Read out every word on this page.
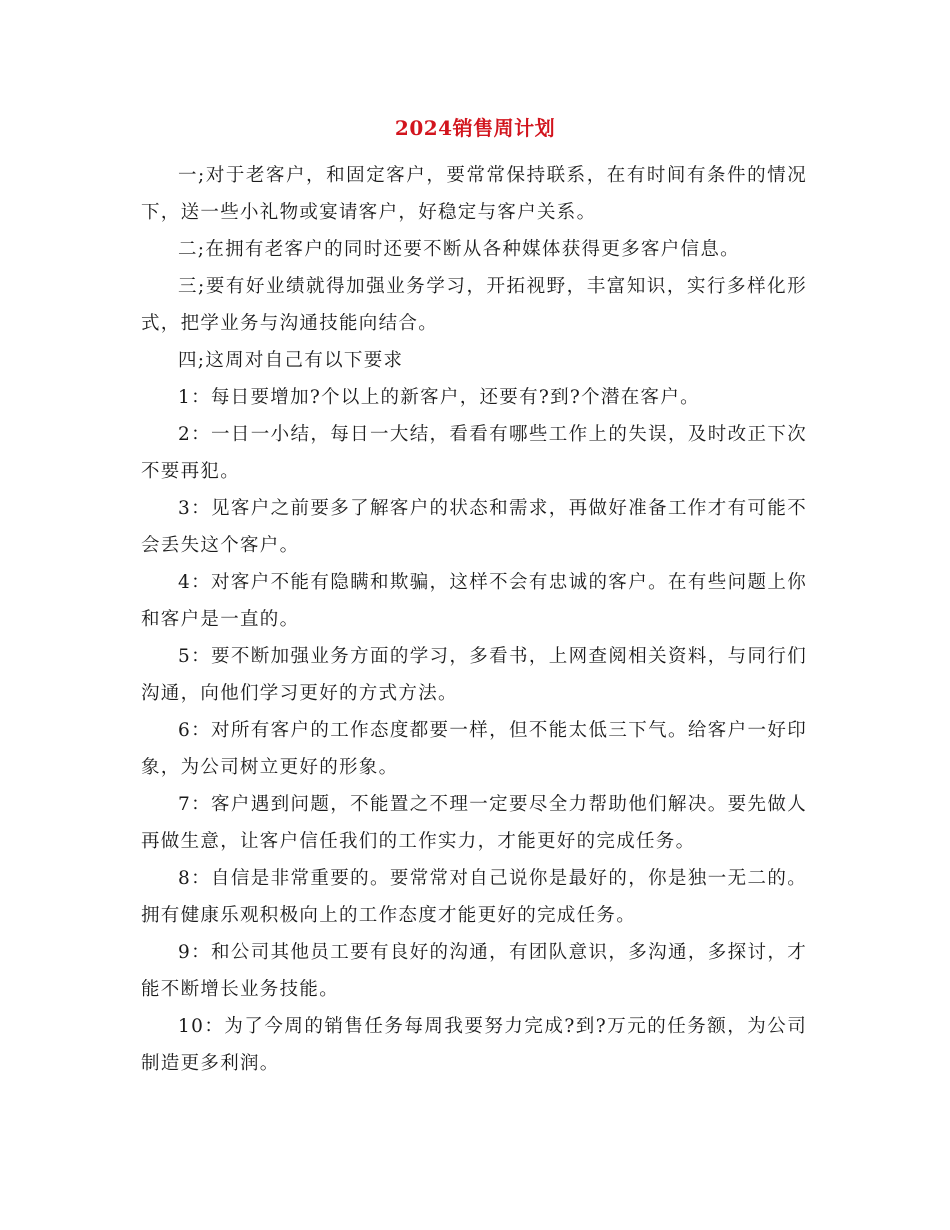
2024销售周计划

一;对于老客户，和固定客户，要常常保持联系，在有时间有条件的情况下，送一些小礼物或宴请客户，好稳定与客户关系。

二;在拥有老客户的同时还要不断从各种媒体获得更多客户信息。

三;要有好业绩就得加强业务学习，开拓视野，丰富知识，实行多样化形式，把学业务与沟通技能向结合。

四;这周对自己有以下要求

1：每日要增加?个以上的新客户，还要有?到?个潜在客户。

2：一日一小结，每日一大结，看看有哪些工作上的失误，及时改正下次不要再犯。

3：见客户之前要多了解客户的状态和需求，再做好准备工作才有可能不会丢失这个客户。

4：对客户不能有隐瞒和欺骗，这样不会有忠诚的客户。在有些问题上你和客户是一直的。

5：要不断加强业务方面的学习，多看书，上网查阅相关资料，与同行们沟通，向他们学习更好的方式方法。

6：对所有客户的工作态度都要一样，但不能太低三下气。给客户一好印象，为公司树立更好的形象。

7：客户遇到问题，不能置之不理一定要尽全力帮助他们解决。要先做人再做生意，让客户信任我们的工作实力，才能更好的完成任务。

8：自信是非常重要的。要常常对自己说你是最好的，你是独一无二的。拥有健康乐观积极向上的工作态度才能更好的完成任务。

9：和公司其他员工要有良好的沟通，有团队意识，多沟通，多探讨，才能不断增长业务技能。

10：为了今周的销售任务每周我要努力完成?到?万元的任务额，为公司制造更多利润。
